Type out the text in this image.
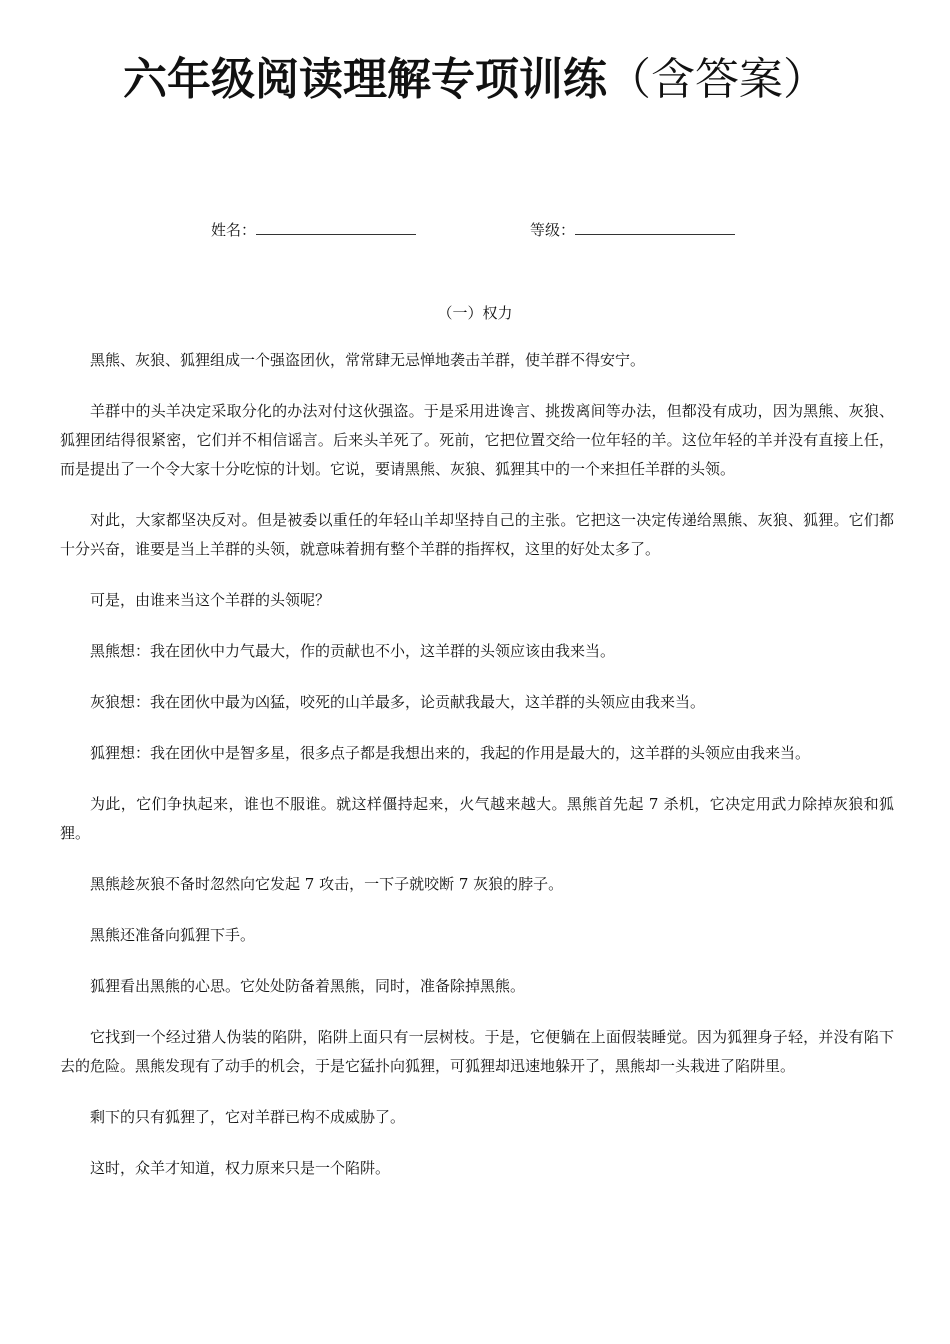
六年级阅读理解专项训练（含答案）
姓名：	等级：
（一）权力

黑熊、灰狼、狐狸组成一个强盗团伙，常常肆无忌惮地袭击羊群，使羊群不得安宁。

羊群中的头羊决定采取分化的办法对付这伙强盗。于是采用进谗言、挑拨离间等办法，但都没有成功，因为黑熊、灰狼、狐狸团结得很紧密，它们并不相信谣言。后来头羊死了。死前，它把位置交给一位年轻的羊。这位年轻的羊并没有直接上任，而是提出了一个令大家十分吃惊的计划。它说，要请黑熊、灰狼、狐狸其中的一个来担任羊群的头领。

对此，大家都坚决反对。但是被委以重任的年轻山羊却坚持自己的主张。它把这一决定传递给黑熊、灰狼、狐狸。它们都十分兴奋，谁要是当上羊群的头领，就意味着拥有整个羊群的指挥权，这里的好处太多了。

可是，由谁来当这个羊群的头领呢？

黑熊想：我在团伙中力气最大，作的贡献也不小，这羊群的头领应该由我来当。

灰狼想：我在团伙中最为凶猛，咬死的山羊最多，论贡献我最大，这羊群的头领应由我来当。

狐狸想：我在团伙中是智多星，很多点子都是我想出来的，我起的作用是最大的，这羊群的头领应由我来当。

为此，它们争执起来，谁也不服谁。就这样僵持起来，火气越来越大。黑熊首先起 7 杀机，它决定用武力除掉灰狼和狐狸。

黑熊趁灰狼不备时忽然向它发起 7 攻击，一下子就咬断 7 灰狼的脖子。

黑熊还准备向狐狸下手。

狐狸看出黑熊的心思。它处处防备着黑熊，同时，准备除掉黑熊。

它找到一个经过猎人伪装的陷阱，陷阱上面只有一层树枝。于是，它便躺在上面假装睡觉。因为狐狸身子轻，并没有陷下去的危险。黑熊发现有了动手的机会，于是它猛扑向狐狸，可狐狸却迅速地躲开了，黑熊却一头栽进了陷阱里。

剩下的只有狐狸了，它对羊群已构不成威胁了。

这时，众羊才知道，权力原来只是一个陷阱。
